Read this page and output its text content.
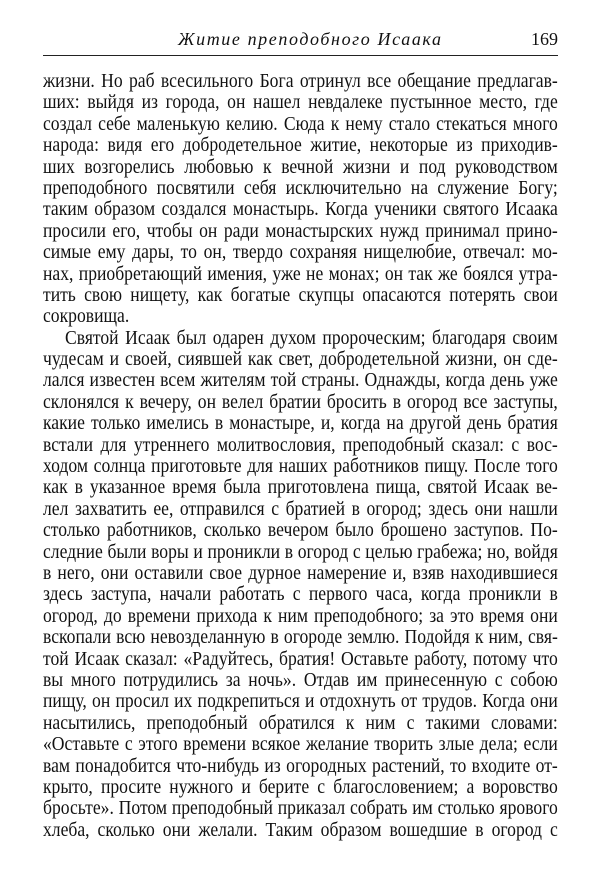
Житие преподобного Исаака	169
жизни. Но раб всесильного Бога отринул все обещание предлагав-
ших: выйдя из города, он нашел невдалеке пустынное место, где
создал себе маленькую келию. Сюда к нему стало стекаться много
народа: видя его добродетельное житие, некоторые из приходив-
ших возгорелись любовью к вечной жизни и под руководством
преподобного посвятили себя исключительно на служение Богу;
таким образом создался монастырь. Когда ученики святого Исаака
просили его, чтобы он ради монастырских нужд принимал прино-
симые ему дары, то он, твердо сохраняя нищелюбие, отвечал: мо-
нах, приобретающий имения, уже не монах; он так же боялся утра-
тить свою нищету, как богатые скупцы опасаются потерять свои
сокровища.
Святой Исаак был одарен духом пророческим; благодаря своим
чудесам и своей, сиявшей как свет, добродетельной жизни, он сде-
лался известен всем жителям той страны. Однажды, когда день уже
склонялся к вечеру, он велел братии бросить в огород все заступы,
какие только имелись в монастыре, и, когда на другой день братия
встали для утреннего молитвословия, преподобный сказал: с вос-
ходом солнца приготовьте для наших работников пищу. После того
как в указанное время была приготовлена пища, святой Исаак ве-
лел захватить ее, отправился с братией в огород; здесь они нашли
столько работников, сколько вечером было брошено заступов. По-
следние были воры и проникли в огород с целью грабежа; но, войдя
в него, они оставили свое дурное намерение и, взяв находившиеся
здесь заступа, начали работать с первого часа, когда проникли в
огород, до времени прихода к ним преподобного; за это время они
вскопали всю невозделанную в огороде землю. Подойдя к ним, свя-
той Исаак сказал: «Радуйтесь, братия! Оставьте работу, потому что
вы много потрудились за ночь». Отдав им принесенную с собою
пищу, он просил их подкрепиться и отдохнуть от трудов. Когда они
насытились, преподобный обратился к ним с такими словами:
«Оставьте с этого времени всякое желание творить злые дела; если
вам понадобится что-нибудь из огородных растений, то входите от-
крыто, просите нужного и берите с благословением; а воровство
бросьте». Потом преподобный приказал собрать им столько ярового
хлеба, сколько они желали. Таким образом вошедшие в огород с
